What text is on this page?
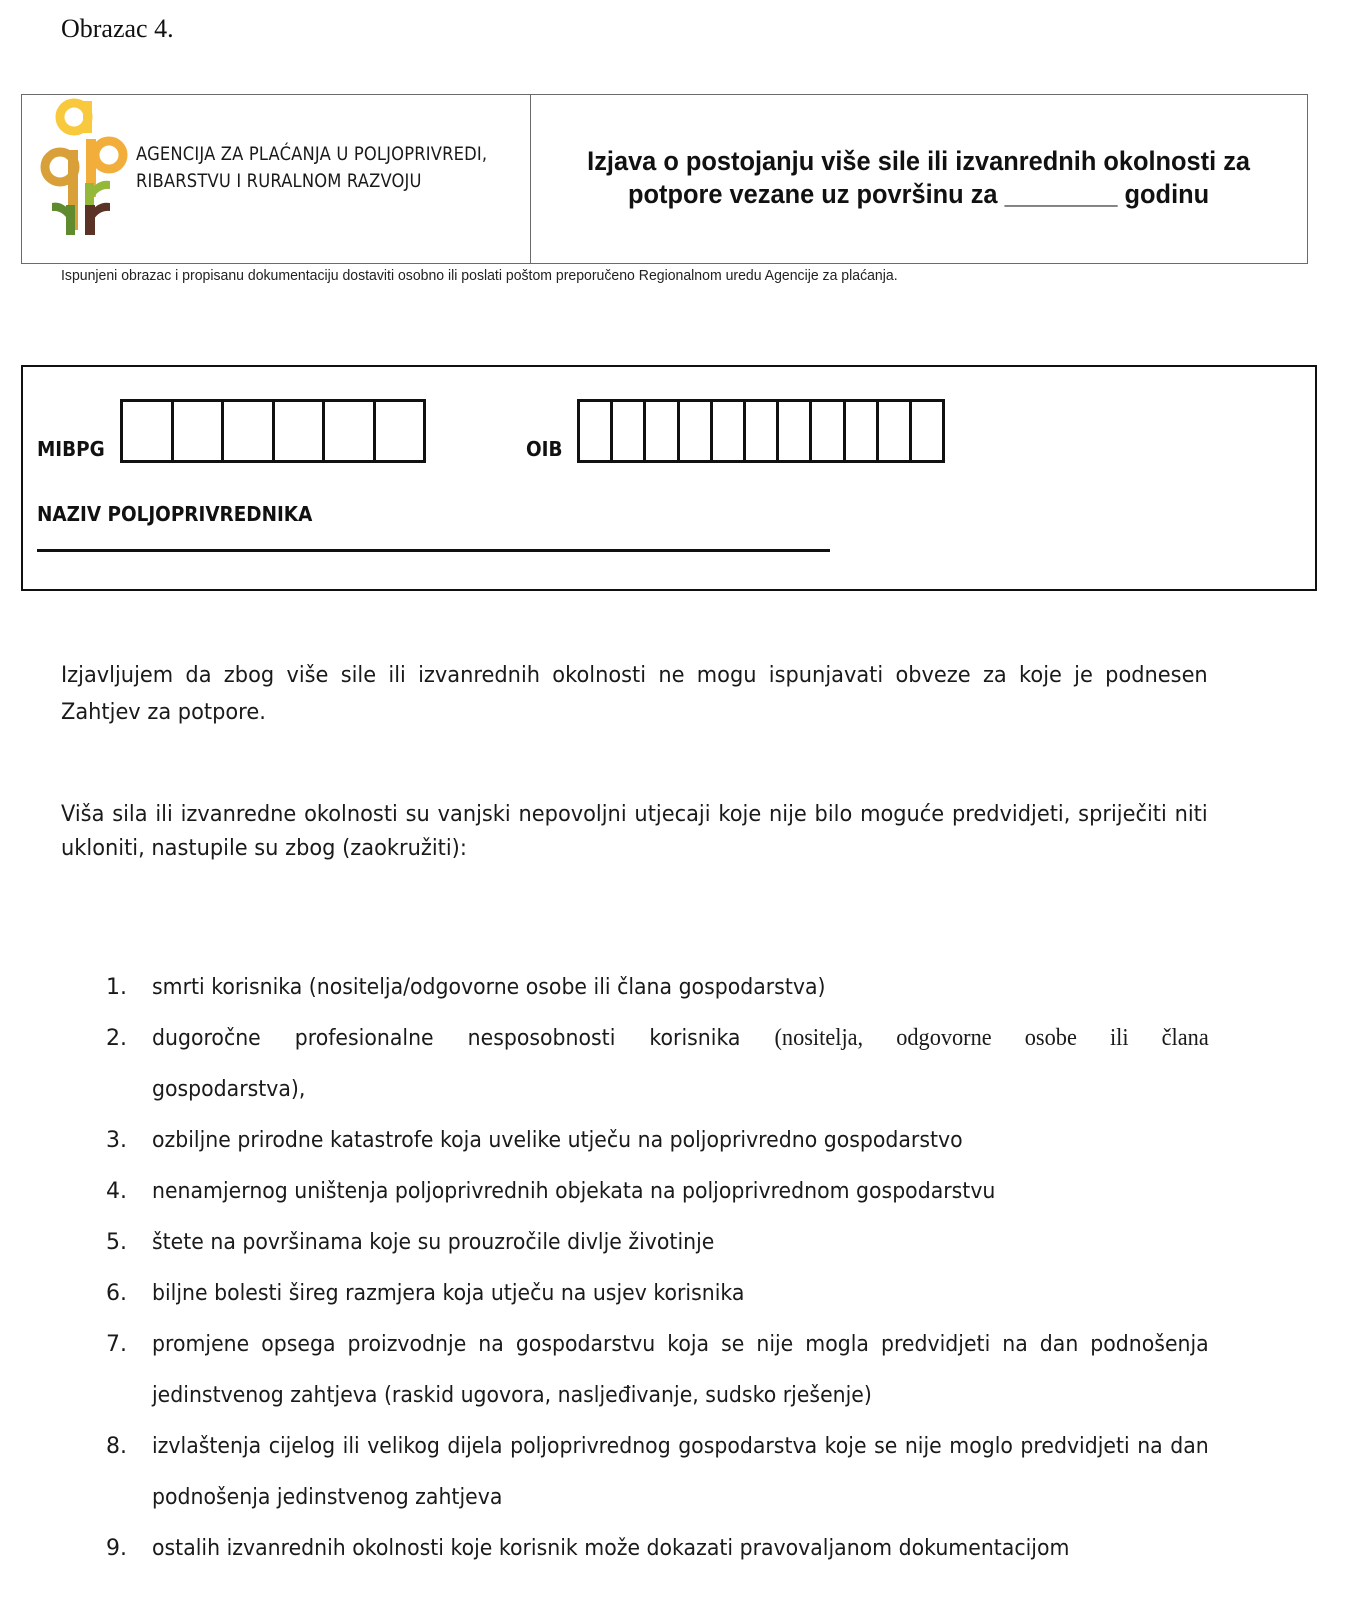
Obrazac 4.
AGENCIJA ZA PLAĆANJA U POLJOPRIVREDI,
RIBARSTVU I RURALNOM RAZVOJU
Izjava o postojanju više sile ili izvanrednih okolnosti za
potpore vezane uz površinu za ________ godinu
Ispunjeni obrazac i propisanu dokumentaciju dostaviti osobno ili poslati poštom preporučeno Regionalnom uredu Agencije za plaćanja.
MIBPG	OIB
NAZIV POLJOPRIVREDNIKA
Izjavljujem da zbog više sile ili izvanrednih okolnosti ne mogu ispunjavati obveze za koje je podnesen Zahtjev za potpore.
Viša sila ili izvanredne okolnosti su vanjski nepovoljni utjecaji koje nije bilo moguće predvidjeti, spriječiti niti ukloniti, nastupile su zbog (zaokružiti):
1. smrti korisnika (nositelja/odgovorne osobe ili člana gospodarstva)
2. dugoročne profesionalne nesposobnosti korisnika (nositelja, odgovorne osobe ili člana
gospodarstva),
3. ozbiljne prirodne katastrofe koja uvelike utječu na poljoprivredno gospodarstvo
4. nenamjernog uništenja poljoprivrednih objekata na poljoprivrednom gospodarstvu
5. štete na površinama koje su prouzročile divlje životinje
6. biljne bolesti šireg razmjera koja utječu na usjev korisnika
7. promjene opsega proizvodnje na gospodarstvu koja se nije mogla predvidjeti na dan podnošenja jedinstvenog zahtjeva (raskid ugovora, nasljeđivanje, sudsko rješenje)
8. izvlaštenja cijelog ili velikog dijela poljoprivrednog gospodarstva koje se nije moglo predvidjeti na dan podnošenja jedinstvenog zahtjeva
9. ostalih izvanrednih okolnosti koje korisnik može dokazati pravovaljanom dokumentacijom
